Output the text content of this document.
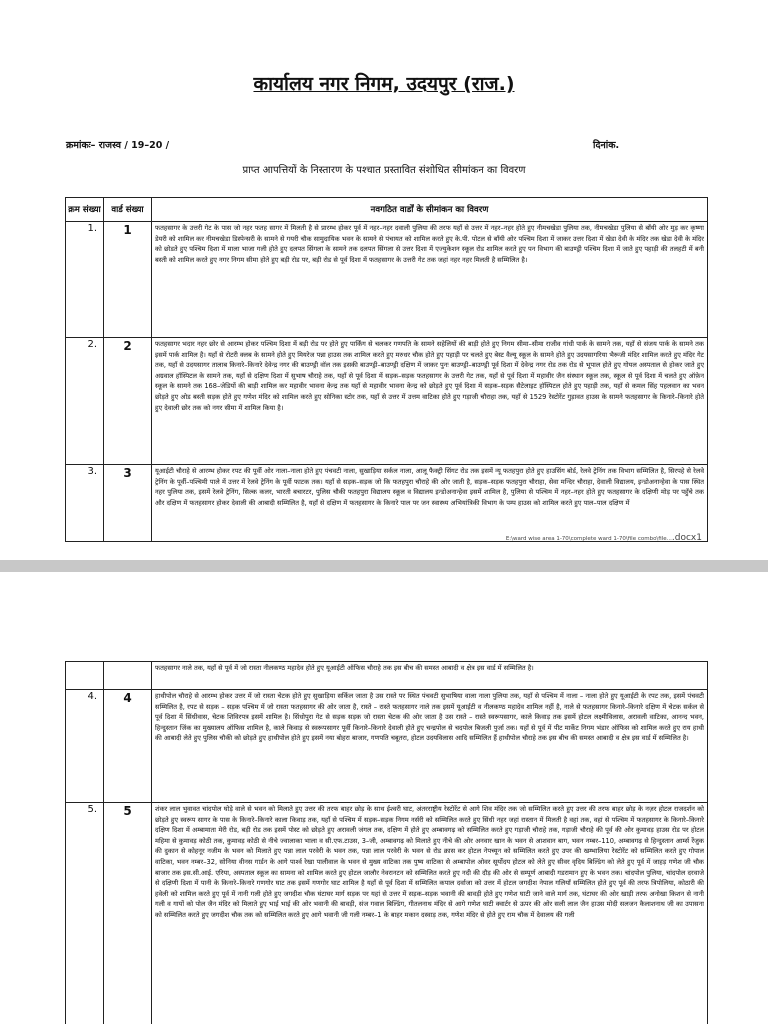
कार्यालय नगर निगम, उदयपुर (राज.)
क्रमांकः– राजस्व / 19–20 /	दिनांक.
प्राप्त आपत्तियों के निस्तारण के पश्चात प्रस्तावित संशोधित सीमांकन का विवरण
क्रम संख्या	वार्ड संख्या	नवगठित वार्डों के सीमांकन का विवरण
1.	1	फतहसागर के उत्तरी गेट के पास जो नहर फतह सागर में मिलती है से प्रारम्भ होकर पूर्व में नहर–नहर दवाली पुलिया की तरफ यहाँ से उत्तर में नहर–नहर होते हुए नीमचखेडा पुलिया तक, नीमचखेडा पुलिया से बाँयी ओर मुड़ कर कृष्णा डेयरी को शामिल कर नीमचखेडा डिस्पेन्सरी के सामने से गयरी चौक सामुदायिक भवन के सामने से पंचायत को शामिल करते हुए के.पी. पोटल से बाँयी ओर पश्चिम दिशा में जाकर उत्तर दिशा में खेडा देवी के मंदिर तक खेडा देवी के मंदिर को छोडते हुए पश्चिम दिशा में माला भाजा गली होते हुए दलपत सिंगला के सामने तक दलपत सिंगला से उत्तर दिशा में एज्युकेशन स्कूल रोड शामिल करते हुए पन विभाग की बाउण्ड्री पश्चिम दिशा में जाते हुए पहाड़ी की तलहटी में बनी बस्ती को शामिल करते हुए नगर निगम सीमा होते हुए बड़ी रोड पर, बड़ी रोड से पूर्व दिशा में फतहसागर के उत्तरी गेट तक जहां नहर नहर मिलती है सम्मिलित है।
2.	2	फतहसागर भदार नहर छोर से आरम्भ होकर पश्चिम दिशा में बड़ी रोड पर होते हुए पार्किंग से चलकर गणपति के सामने सहेलियों की बाड़ी होते हुए निगम सीमा–सीमा राजीव गांधी पार्क के सामने तक, यहाँ से संजय पार्क के सामने तक इसमें पार्क शामिल है। यहाँ से रोटरी क्लब के सामने होते हुए मियरेज पन्ना हाउस तक शामिल करते हुए मरुधर चौक होते हुए पहाड़ी पर चलते हुए बेस्ट वैल्यू स्कूल के सामने होते हुए उदयसागरिया भैरूजी मंदिर शामिल करते हुए मंदिर गेट तक, यहाँ से उदयसागर तालाब किनारे–किनारे देवेन्द्र नगर की बाउण्ड्री वॉल तक इसकी बाउण्ड्री–बाउण्ड्री दक्षिण में जाकर पुनः बाउण्ड्री–बाउण्ड्री पूर्व दिशा में देवेन्द्र नगर रोड तक रोड से भूपाल होते हुए गोयल अस्पताल से होकर जाते हुए अग्रवाल हॉस्पिटल के सामने तक, यहाँ से दक्षिण दिशा में सुभाष चौराहे तक, यहाँ से पूर्व दिशा में सड़क–सड़क फतहसागर के उत्तरी गेट तक, यहाँ से पूर्व दिशा में महावीर जैन संस्थान स्कूल तक, स्कूल से पूर्व दिशा में चलते हुए ऑफ़ेन स्कूल के सामने तक 168–जेडियों की बाड़ी शामिल कर महावीर भावना केन्द्र तक यहाँ से महावीर भावना केन्द्र को छोड़ते हुए पूर्व दिशा में सड़क–सड़क सैटेलाइट हॉस्पिटल होते हुए पहाड़ी तक, यहाँ से कमल सिंह पहलवान का भवन छोड़ते हुए ओड बस्ती सड़क होते हुए गणेश मंदिर को शामिल करते हुए सोनिका स्टोर तक, यहाँ से उत्तर में उत्तम वाटिका होते हुए गड़ाजी चौराहा तक, यहाँ से 1529 रेस्टोरेंट गुड़ावत हाउस के सामने फतहसागर के किनारे–किनारे होते हुए देवाली छोर तक को नगर सीमा में शामिल किया है।

3.	3	यूआईटी चौराहे से आरम्भ होकर रपट की पूर्वी ओर नाला–नाला होते हुए पंचवटी नाला, सुखाड़िया सर्कल नाला, आलू फैक्ट्री सिंगट रोड तक इसमें न्यू फतहपुरा होते हुए हाउसिंग बोर्ड, रेलवे ट्रेनिंग तक विभाग सम्मिलित है, सिरपहे से रेलवे ट्रेनिंग के पूर्वी–पश्चिमी पाले में उत्तर में रेलवे ट्रेनिंग के पूर्वी फाटक तक। यहाँ से सड़क–सड़क जो कि फतहपुरा चौराहे की ओर जाती है, सड़क–सड़क फतहपुरा चौराहा, सेवा मन्दिर चौराहा, देवाली विद्यालय, इन्डोअनान्हेवा के पास स्थित नहर पुलिया तक, इसमें रेलवे ट्रेनिंग, सिल्क कलर, भारती बचारटर, पुलिस चौकी फतहपुरा विद्यालय स्कूल व विद्यालय इन्डोअनान्हेवा इसमें शामिल है, पुलिया से पश्चिम में नहर–नहर होते हुए फतहसागर के दक्षिणी मोड़ पर पहुँचे तक और दक्षिण में फतहसागर होकर देवाली की आबादी सम्मिलित है, यहाँ से दक्षिण में फतहसागर के किनारे पाल पर जन स्वास्थ्य अभियांत्रिकी विभाग के पम्प हाउस को शामिल करते हुए पाल–पाल दक्षिण में
E:\ward wise area 1-70\complete ward 1-70\file combo\file....docx1
		फतहसागर नाले तक, यहाँ से पूर्व में जो रास्ता नीलकण्ठ महादेव होते हुए यूआईटी ऑफिस चौराहे तक इस बीच की समस्त आबादी व क्षेत्र इस वार्ड में सम्मिलित है।
4.	4	हाथीपोल चौराहे से आरम्भ होकर उत्तर में जो रास्ता चेटक होते हुए सुखाड़िया सर्किल जाता है उस रास्ते पर स्थित पंचवटी सुभाषिया वाला नाला पुलिया तक, यहाँ से पश्चिम में नाला – नाला होते हुए यूआईटी के रपट तक, इसमें पंचवटी सम्मिलित है, रपट से सड़क – सड़क पश्चिम में जो रास्ता फतहसागर की ओर जाता है, रास्ते – रास्ते फतहसागर नाले तक इसमें यूआईटी व नीलकण्ठ महादेव शामिल नहीं है, नाले से फतहसागर किनारे–किनारे दक्षिण में चेटक सर्कल से पूर्व दिशा में सिंधीवास, चेटक शिविरपत्र इसमें शामिल है। सिंधोपुरा गेट से सड़क सड़क जो रास्ता चेटक की ओर जाता है उस रास्ते – रास्ते स्वरूपसागर, काले किवाड़ तक इसमें होटल लक्ष्मीविलास, अरावली वाटिका, आनन्द भवन, हिन्दुस्तान जिंक का मुख्यालय ऑफिस शामिल है, काले किवाड़ से स्वरूपसागर पूर्वी किनारे–किनारे देवाली होते हुए चन्द्रपोल से चदपोल बिजली पुर्जा तक। यहाँ से पूर्व में पीट मार्केट निगम भंडार ऑफिस को शामिल करते हुए राय हाथी की आबादी लेते हुए पुलिस चौकी को छोड़ते हुए हाथीपोल होते हुए इसमें नया बोहरा बाजार, गणपति चबूतरा, होटल उदयविलास आदि सम्मिलित हैं हाथीपोल चौराहे तक इस बीच की समस्त आबादी व क्षेत्र इस वार्ड में सम्मिलित है।

5.	5	शंकर लाल भुवावत चांदपोल घोड़े वाले से भवन को मिलाते हुए उत्तर की तरफ बाहर छोड़ के साथ ईश्वरी घाट, अंतरराष्ट्रीय रेस्टोरेंट से आगे शिव मंदिर तक जो सम्मिलित करते हुए उत्तर की तरफ बाहर छोड़ के नज़र होटल राजदर्शन को छोड़ते हुए स्वरूप सागर के पास के किनारे–किनारे काला किवाड़ तक, यहाँ से पश्चिम में सड़क–सड़क निगम नर्सरी को सम्मिलित करते हुए सिंधी नहर जहां रास्तान में मिलती है वहां तक, वहां से पश्चिम में फतहसागर के किनारे–किनारे दक्षिण दिशा में अम्बामाता मेरी रोड, बड़ी रोड तक इसमें पोस्ट को छोड़ते हुए अरावली जंगल तक, दक्षिण में होते हुए अम्बावगढ़ को सम्मिलित करते हुए गड़ाजी चौराहे तक, गड़ाजी चौराहे की पूर्व की ओर कुमावड़ हाउस रोड पर होटल महिमा से कुमावड़ कोठी तक, कुमावड़ कोठी से नीचे ज्वालाका भाला व सी.एफ.टाउस, 3–जी, अम्बावगढ़ को मिलाते हुए नीचे की ओर अनवार खान के भवन से आशवान बाग, भवन नम्बर–110, अम्बावगढ़ से हिन्दुस्तान आर्म्स रेंजुक की दुकान से कोहनूर नजीम के भवन को मिलाते हुए पन्ना लाल परवेरी के भवन तक, पन्ना लाल परवेरी के भवन से रोड क्रास कर होटल नेपच्यून को सम्मिलित करते हुए उपर की खम्भालिया रेस्टोरेंट को सम्मिलित करते हुए गोपाल वाटिका, भवन नम्बर–32, सोनिया वीनस गार्डन के आगे पार्श्व रेखा पालीवाल के भवन से मुख्य वाटिका तक पुष्य वाटिका से अम्बापोल ओवर सूर्योदय होटल को लेते हुए सीवर वृदिय बिल्डिंग को लेते हुए पूर्व में जाहड़ गणेश जी चौक बाजार तक इस.सी.आई. एरिया, अस्पताल स्कूल का सामना को शामिल करते हुए होटल जालौर नेवरानटन को सम्मिलित करते हुए नदी की दौड़ की ओर से सम्पूर्ण आबादी गडरामान हुए के भवन तक। चांदपोल पुलिया, चांदपोल दरवाजे से दक्षिणी दिशा में पानी के किनारे–किनारे गणगोर घाट तक इसमें गणगोर घाट शामिल है यहाँ से पूर्व दिशा में सम्मिलित कपाल दर्वाजा को उत्तर में होटल जगदीश नेपाल गलियाँ सम्मिलित होते हुए पूर्व की तरफ त्रिपोलिया, कोठारी की हवेली को शामिल करते हुए पूर्व में नानी गली होते हुए जगदीश चौक घंटाघर मार्ग सड़क पर यहां से उत्तर में सड़क–सड़क भवानी की बावड़ी होते हुए गणेश घाटी जाने वाले मार्ग तक, घंटाघर की ओर खाड़ी तरफ अनोखा किशन से नानी गली व गायों को पोल जैन मंदिर को मिलाते हुए भाई भाई की ओर भवानी की बावड़ी, संज गवाल बिल्डिंग, गीतलनाथ मंदिर से आगे गणेश घाटी क्वार्टर से ऊपर की ओर सली लाल जैन हाउस मोदी सलजन कैलाशनाथ जी का उपासना को सम्मिलित करते हुए जगदीश चौक तक को सम्मिलित करते हुए आगे भवानी जी गली नम्बर–1 के बाहर मकान दस्वाड़ तक, गणेश मंदिर से होते हुए राम चौक में देवालय की गली
